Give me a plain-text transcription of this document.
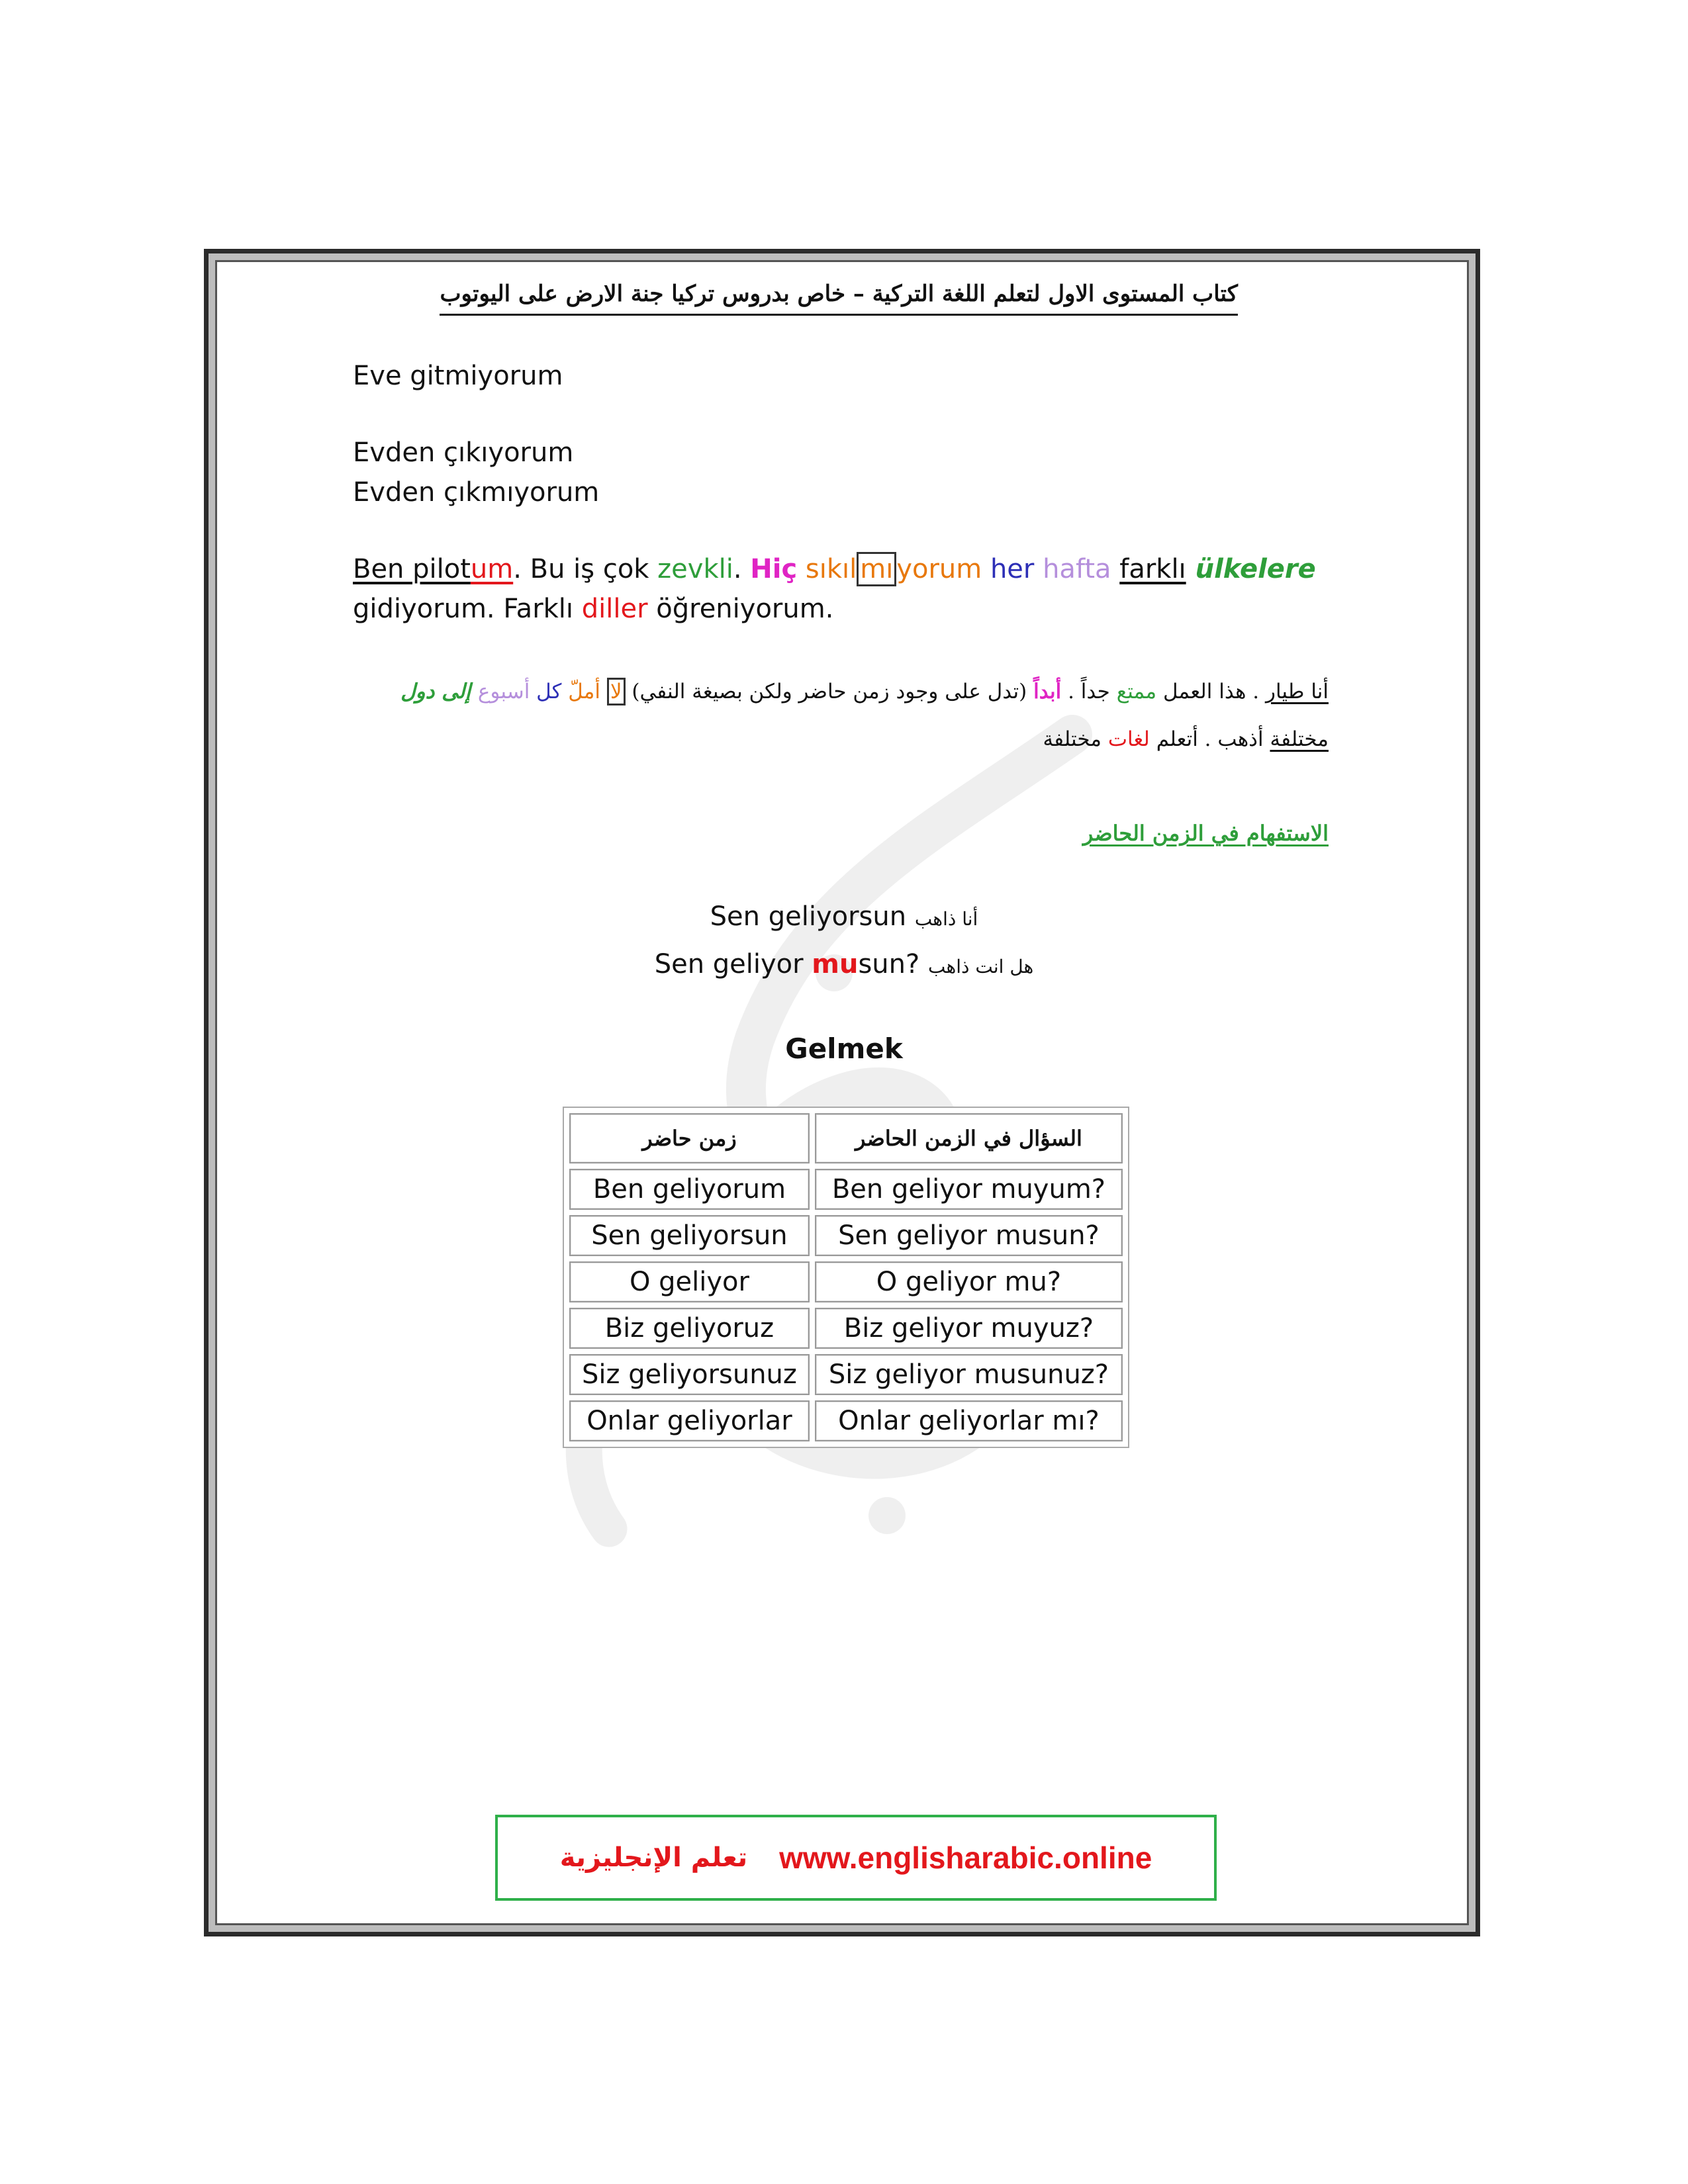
كتاب المستوى الاول لتعلم اللغة التركية – خاص بدروس تركيا جنة الارض على اليوتوب
Eve gitmiyorum
Evden çıkıyorum
Evden çıkmıyorum
Ben pilotum. Bu iş çok zevkli. Hiç sıkıl mı yorum her hafta farklı ülkelere
gidiyorum. Farklı diller öğreniyorum.
أنا طيار . هذا العمل ممتع جداً . أبداً (تدل على وجود زمن حاضر ولكن بصيغة النفي) لا أملّ كل أسبوع إلى دول
مختلفة أذهب . أتعلم لغات مختلفة
الاستفهام في الزمن الحاضر
Sen geliyorsun أنا ذاهب
Sen geliyor musun? هل انت ذاهب
Gelmek
زمن حاضر	السؤال في الزمن الحاضر
Ben geliyorum	Ben geliyor muyum?
Sen geliyorsun	Sen geliyor musun?
O geliyor	O geliyor mu?
Biz geliyoruz	Biz geliyor muyuz?
Siz geliyorsunuz	Siz geliyor musunuz?
Onlar geliyorlar	Onlar geliyorlar mı?
تعلم الإنجليزية www.englisharabic.online
